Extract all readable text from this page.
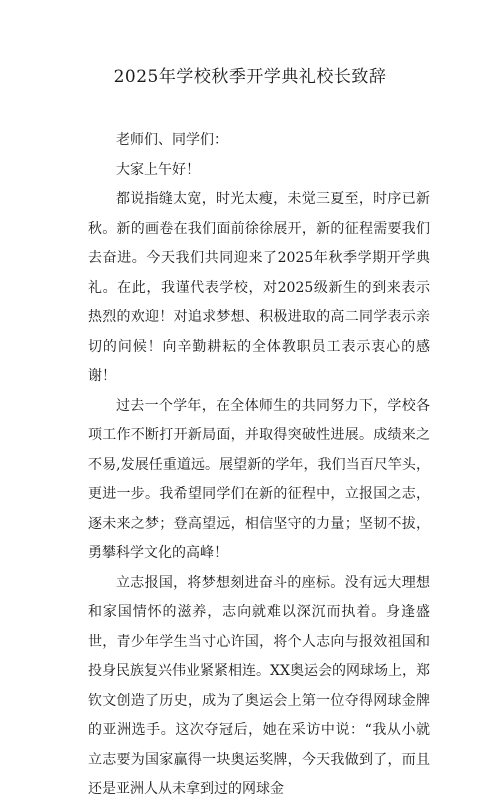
2025年学校秋季开学典礼校长致辞

老师们、同学们：

大家上午好！

都说指缝太宽，时光太瘦，未觉三夏至，时序已新秋。新的画卷在我们面前徐徐展开，新的征程需要我们去奋进。今天我们共同迎来了2025年秋季学期开学典礼。在此，我谨代表学校，对2025级新生的到来表示热烈的欢迎！对追求梦想、积极进取的高二同学表示亲切的问候！向辛勤耕耘的全体教职员工表示衷心的感谢！

过去一个学年，在全体师生的共同努力下，学校各项工作不断打开新局面，并取得突破性进展。成绩来之不易,发展任重道远。展望新的学年，我们当百尺竿头，更进一步。我希望同学们在新的征程中，立报国之志，逐未来之梦；登高望远，相信坚守的力量；坚韧不拔，勇攀科学文化的高峰！

立志报国，将梦想刻进奋斗的座标。没有远大理想和家国情怀的滋养，志向就难以深沉而执着。身逢盛世，青少年学生当寸心许国，将个人志向与报效祖国和投身民族复兴伟业紧紧相连。XX奥运会的网球场上，郑钦文创造了历史，成为了奥运会上第一位夺得网球金牌的亚洲选手。这次夺冠后，她在采访中说：“我从小就立志要为国家赢得一块奥运奖牌，今天我做到了，而且还是亚洲人从未拿到过的网球金
